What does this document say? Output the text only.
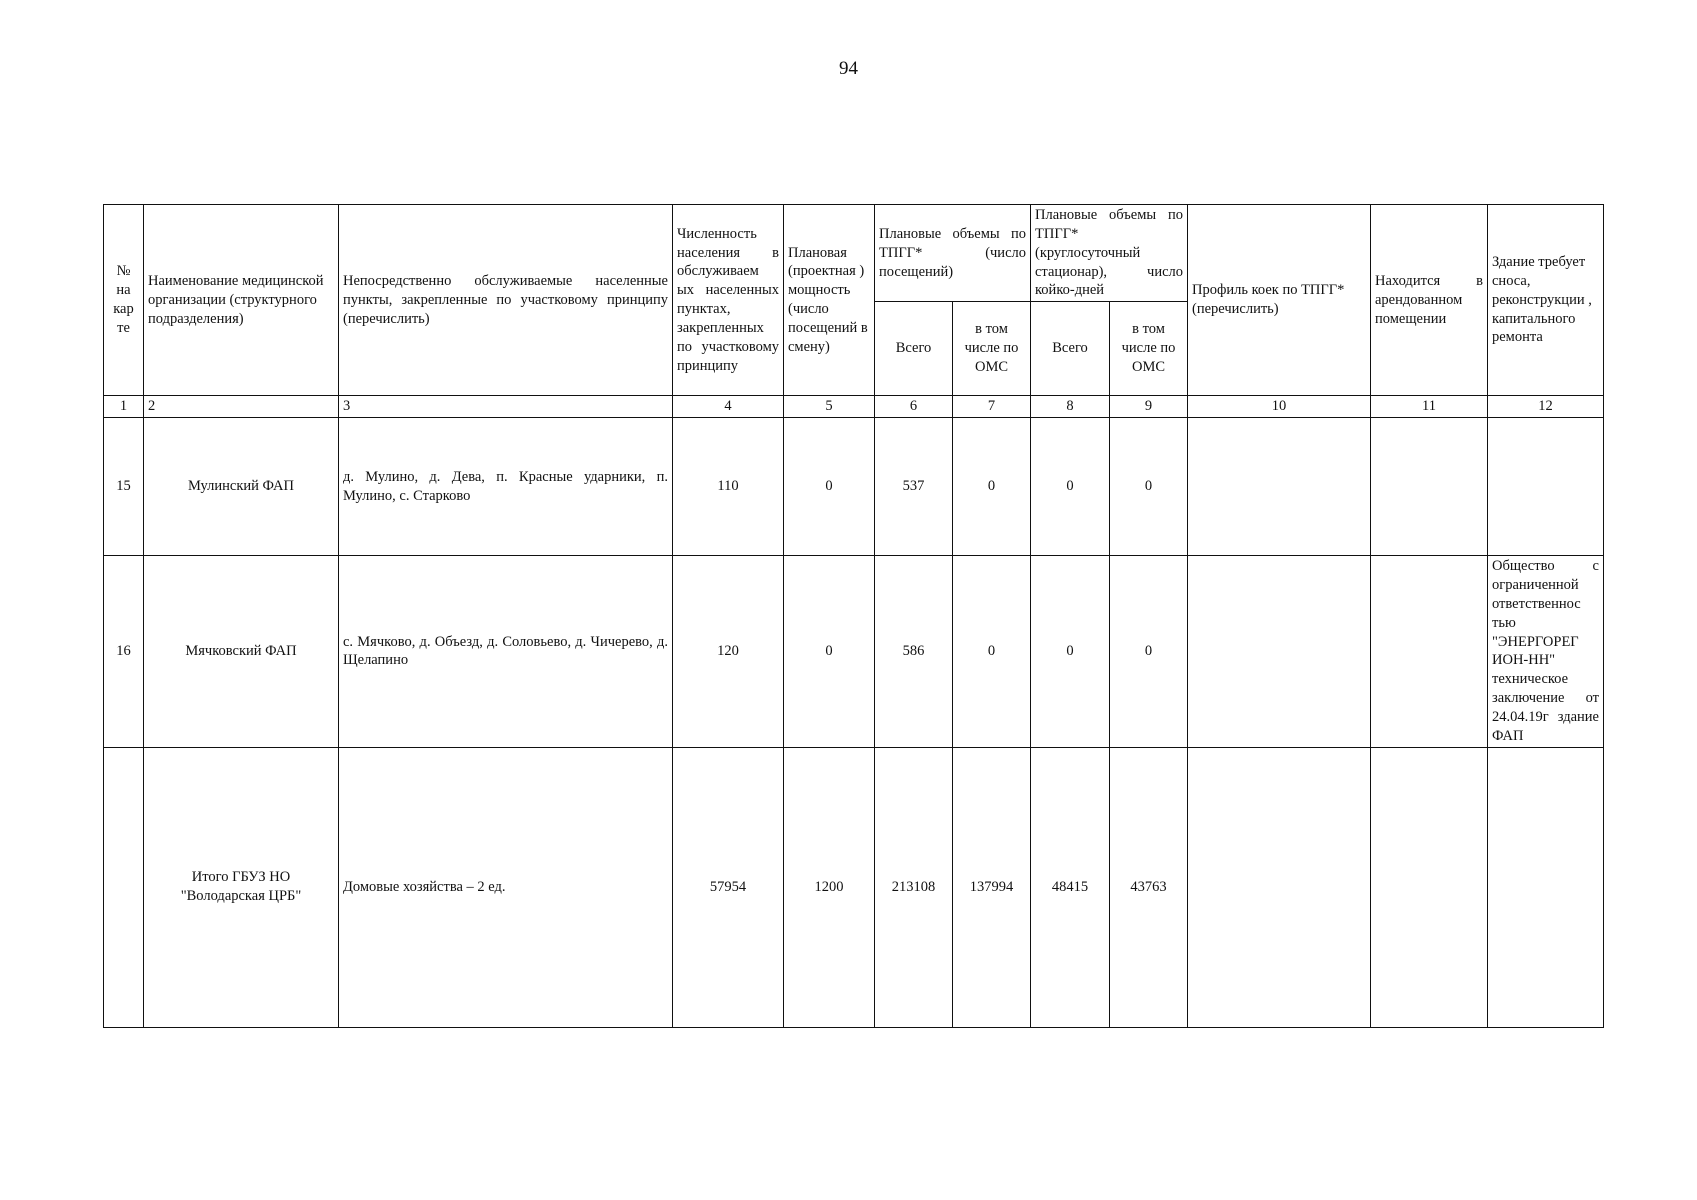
94
№ на кар те	Наименование медицинской организации (структурного подразделения)	Непосредственно обслуживаемые населенные пункты, закрепленные по участковому принципу (перечислить)	Численность населения в обслуживаем ых населенных пунктах, закрепленных по участковому принципу	Плановая (проектная ) мощность (число посещений в смену)	Плановые объемы по ТПГГ* (число посещений)		Плановые объемы по ТПГГ* (круглосуточный стационар), число койко-дней		Профиль коек по ТПГГ* (перечислить)	Находится в арендованном помещении	Здание требует сноса, реконструкции , капитального ремонта
					Всего	в том числе по ОМС	Всего	в том числе по ОМС			
1	2	3	4	5	6	7	8	9	10	11	12
15	Мулинский ФАП	д. Мулино, д. Дева, п. Красные ударники, п. Мулино, с. Старково	110	0	537	0	0	0			
16	Мячковский ФАП	с. Мячково, д. Объезд, д. Соловьево, д. Чичерево, д. Щелапино	120	0	586	0	0	0			Общество с ограниченной ответственнос тью "ЭНЕРГОРЕГ ИОН-НН" техническое заключение от 24.04.19г здание ФАП
	Итого ГБУЗ НО "Володарская ЦРБ"	Домовые хозяйства – 2 ед.	57954	1200	213108	137994	48415	43763			
